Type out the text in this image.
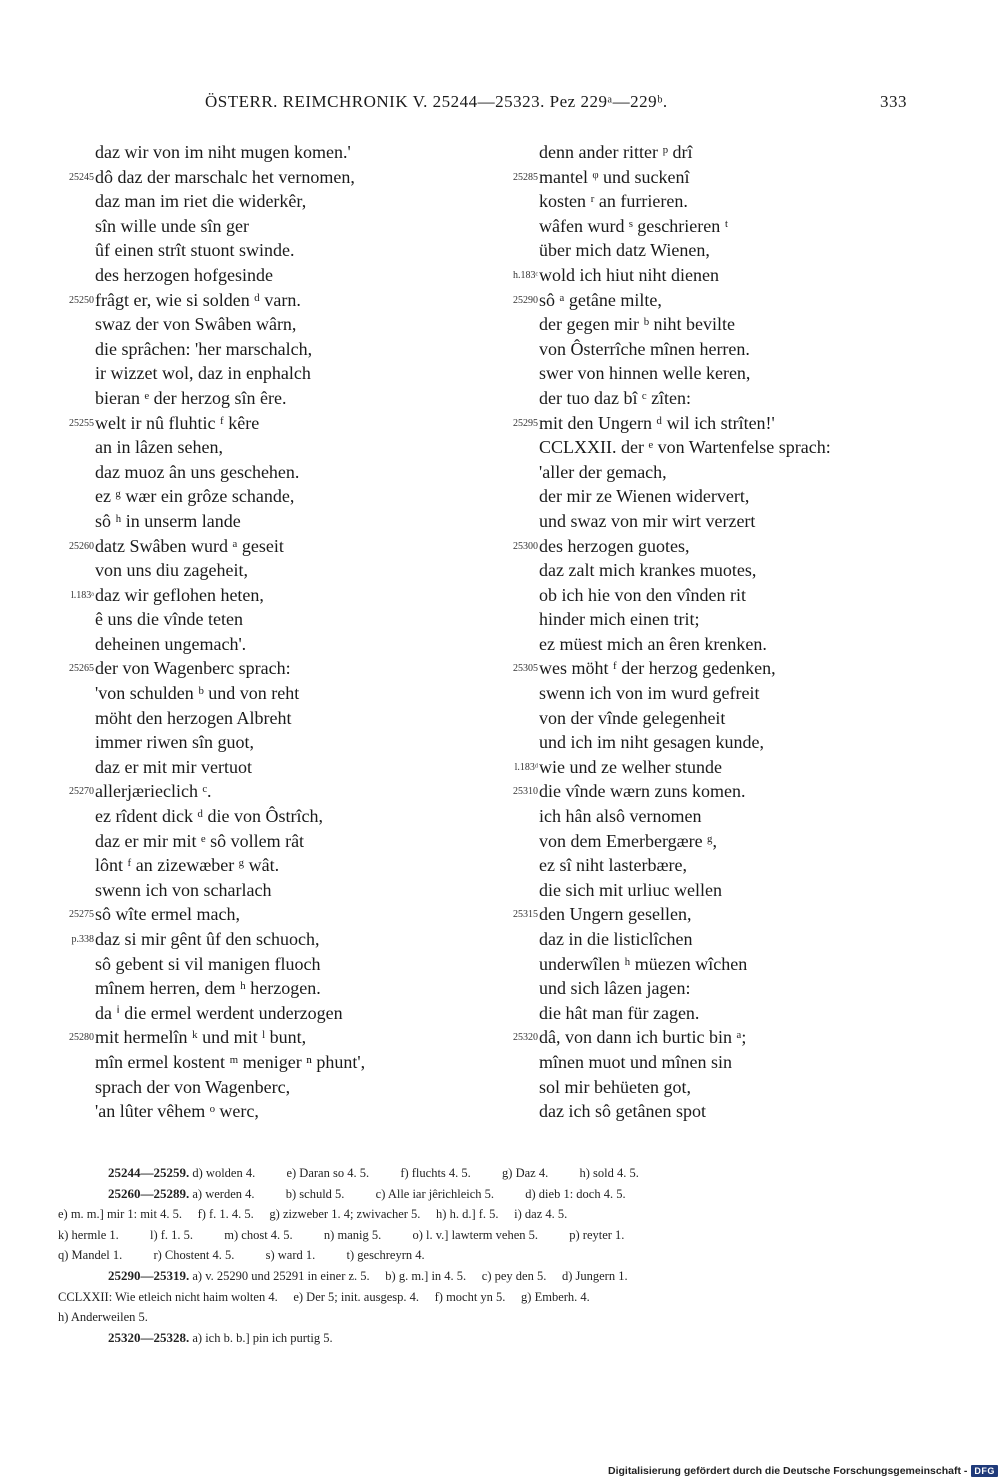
ÖSTERR. REIMCHRONIK V. 25244—25323. Pez 229ᵃ—229ᵇ.	333
daz wir von im niht mugen komen.'
25245 dô daz der marschalc het vernomen,
daz man im riet die widerkêr,
sîn wille unde sîn ger
ûf einen strît stuont swinde.
des herzogen hofgesinde
25250 frâgt er, wie si solden ᵈ varn.
swaz der von Swâben wârn,
die sprâchen: 'her marschalch,
ir wizzet wol, daz in enphalch
bieran ᵉ der herzog sîn êre.
25255 welt ir nû fluhtic ᶠ kêre
an in lâzen sehen,
daz muoz ân uns geschehen.
ez ᵍ wær ein grôze schande,
sô ʰ in unserm lande
25260 datz Swâben wurd ᵃ geseit
von uns diu zageheit,
l.183ᵃ daz wir geflohen heten,
ê uns die vînde teten
deheinen ungemach'.
25265 der von Wagenberc sprach:
'von schulden ᵇ und von reht
möht den herzogen Albreht
immer riwen sîn guot,
daz er mit mir vertuot
25270 allerjærieclich ᶜ.
ez rîdent dick ᵈ die von Ôstrîch,
daz er mir mit ᵉ sô vollem rât
lônt ᶠ an zizewæber ᵍ wât.
swenn ich von scharlach
25275 sô wîte ermel mach,
p.338 daz si mir gênt ûf den schuoch,
sô gebent si vil manigen fluoch
mînem herren, dem ʰ herzogen.
da ⁱ die ermel werdent underzogen
25280 mit hermelîn ᵏ und mit ˡ bunt,
mîn ermel kostent ᵐ meniger ⁿ phunt',
sprach der von Wagenberc,
'an lûter vêhem ᵒ werc,
denn ander ritter ᵖ drî
25285 mantel ᵠ und suckenî
kosten ʳ an furrieren.
wâfen wurd ˢ geschrieren ᵗ
über mich datz Wienen,
h.183ᶜ wold ich hiut niht dienen
25290 sô ᵃ getâne milte,
der gegen mir ᵇ niht bevilte
von Ôsterrîche mînen herren.
swer von hinnen welle keren,
der tuo daz bî ᶜ zîten:
25295 mit den Ungern ᵈ wil ich strîten!'
CCLXXII. der ᵉ von Wartenfelse sprach:
'aller der gemach,
der mir ze Wienen widervert,
und swaz von mir wirt verzert
25300 des herzogen guotes,
daz zalt mich krankes muotes,
ob ich hie von den vînden rit
hinder mich einen trit;
ez müest mich an êren krenken.
25305 wes möht ᶠ der herzog gedenken,
swenn ich von im wurd gefreit
von der vînde gelegenheit
und ich im niht gesagen kunde,
l.183ᵈ wie und ze welher stunde
25310 die vînde wærn zuns komen.
ich hân alsô vernomen
von dem Emerbergære ᵍ,
ez sî niht lasterbære,
die sich mit urliuc wellen
25315 den Ungern gesellen,
daz in die listiclîchen
underwîlen ʰ müezen wîchen
und sich lâzen jagen:
die hât man für zagen.
25320 dâ, von dann ich burtic bin ᵃ;
mînen muot und mînen sin
sol mir behüeten got,
daz ich sô getânen spot
25244—25259. d) wolden 4.          e) Daran so 4. 5.          f) fluchts 4. 5.          g) Daz 4.          h) sold 4. 5.
25260—25289. a) werden 4.          b) schuld 5.          c) Alle iar jêrichleich 5.          d) dieb 1: doch 4. 5.
e) m. m.] mir 1: mit 4. 5.     f) f. 1. 4. 5.     g) zizweber 1. 4; zwivacher 5.     h) h. d.] f. 5.     i) daz 4. 5.
k) hermle 1.          l) f. 1. 5.          m) chost 4. 5.          n) manig 5.          o) l. v.] lawterm vehen 5.          p) reyter 1.
q) Mandel 1.          r) Chostent 4. 5.          s) ward 1.          t) geschreyrn 4.
25290—25319. a) v. 25290 und 25291 in einer z. 5.     b) g. m.] in 4. 5.     c) pey den 5.     d) Jungern 1.
CCLXXII: Wie etleich nicht haim wolten 4.     e) Der 5; init. ausgesp. 4.     f) mocht yn 5.     g) Emberh. 4.
h) Anderweilen 5.
25320—25328. a) ich b. b.] pin ich purtig 5.
Digitalisierung gefördert durch die Deutsche Forschungsgemeinschaft - DFG
